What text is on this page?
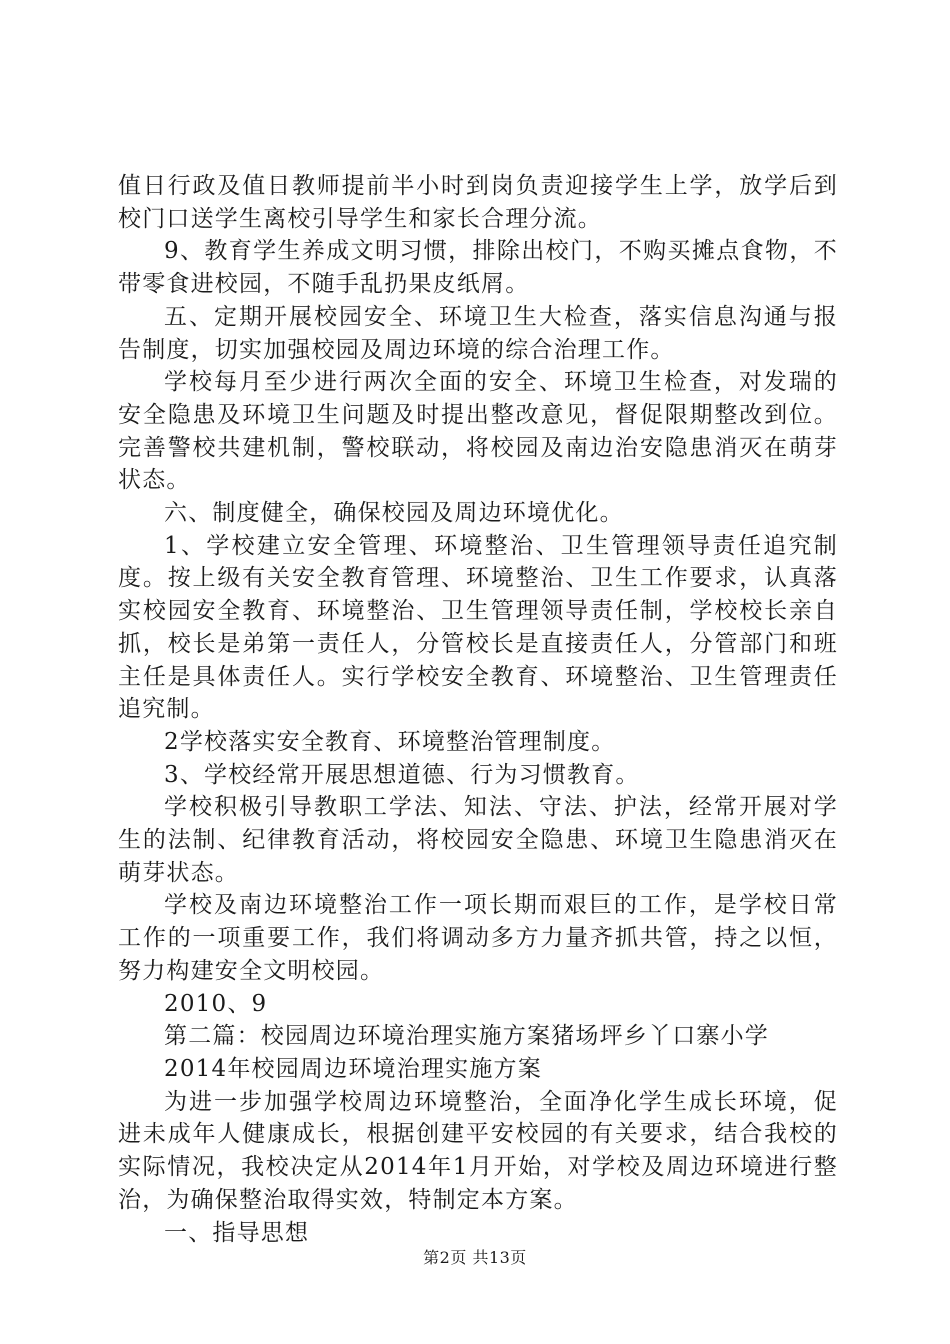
值日行政及值日教师提前半小时到岗负责迎接学生上学，放学后到校门口送学生离校引导学生和家长合理分流。

9、教育学生养成文明习惯，排除出校门，不购买摊点食物，不带零食进校园，不随手乱扔果皮纸屑。

五、定期开展校园安全、环境卫生大检查，落实信息沟通与报告制度，切实加强校园及周边环境的综合治理工作。

学校每月至少进行两次全面的安全、环境卫生检查，对发瑞的安全隐患及环境卫生问题及时提出整改意见，督促限期整改到位。完善警校共建机制，警校联动，将校园及南边治安隐患消灭在萌芽状态。

六、制度健全，确保校园及周边环境优化。

1、学校建立安全管理、环境整治、卫生管理领导责任追究制度。按上级有关安全教育管理、环境整治、卫生工作要求，认真落实校园安全教育、环境整治、卫生管理领导责任制，学校校长亲自抓，校长是弟第一责任人，分管校长是直接责任人，分管部门和班主任是具体责任人。实行学校安全教育、环境整治、卫生管理责任追究制。

2学校落实安全教育、环境整治管理制度。

3、学校经常开展思想道德、行为习惯教育。

学校积极引导教职工学法、知法、守法、护法，经常开展对学生的法制、纪律教育活动，将校园安全隐患、环境卫生隐患消灭在萌芽状态。

学校及南边环境整治工作一项长期而艰巨的工作，是学校日常工作的一项重要工作，我们将调动多方力量齐抓共管，持之以恒，努力构建安全文明校园。

2010、9

第二篇：校园周边环境治理实施方案猪场坪乡丫口寨小学

2014年校园周边环境治理实施方案

为进一步加强学校周边环境整治，全面净化学生成长环境，促进未成年人健康成长，根据创建平安校园的有关要求，结合我校的实际情况，我校决定从2014年1月开始，对学校及周边环境进行整治，为确保整治取得实效，特制定本方案。

一、指导思想

第2页 共13页
